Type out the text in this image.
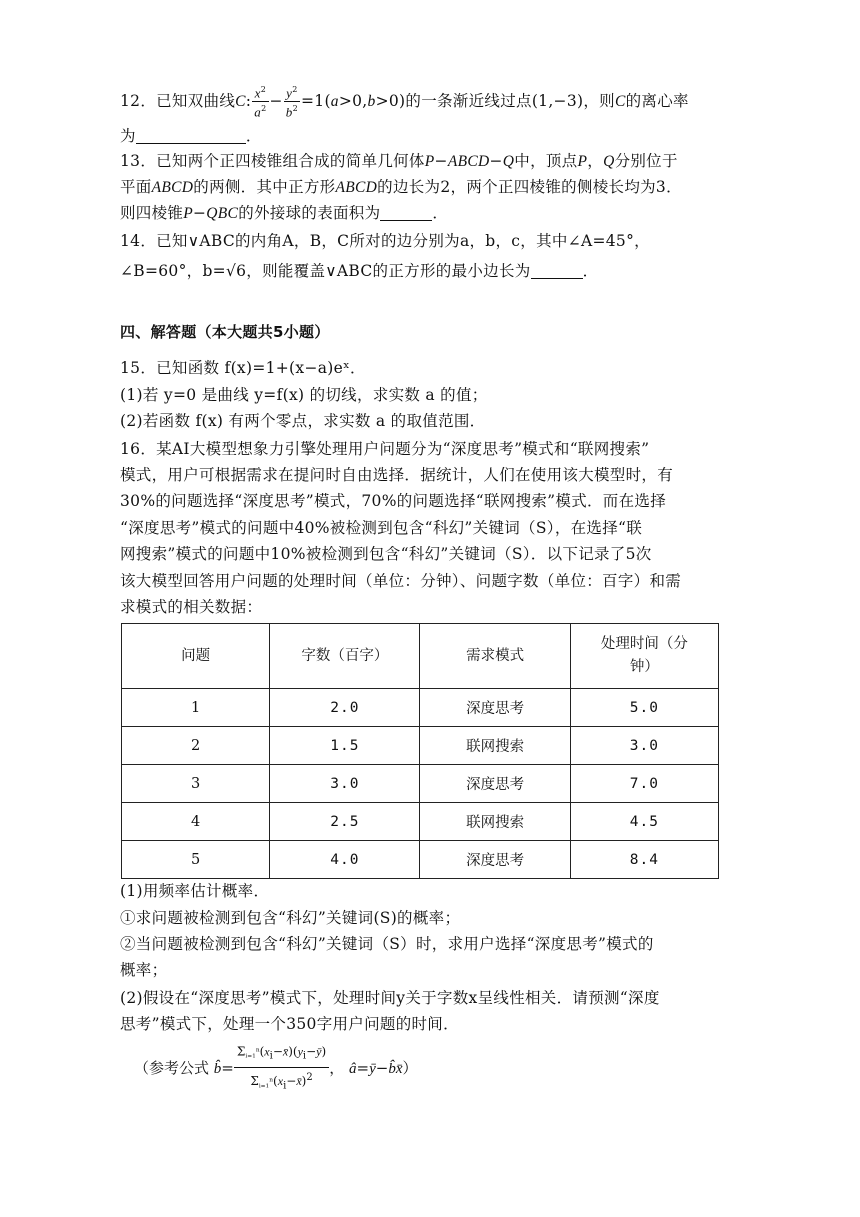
12．已知双曲线C: $\frac{x^2}{a^2} - \frac{y^2}{b^2} =1(a>0,b>0)$的一条渐近线过点(1,−3)，则C的离心率
为	．
13．已知两个正四棱锥组合成的简单几何体P−ABCD−Q中，顶点P，Q分别位于
平面ABCD的两侧．其中正方形ABCD的边长为2，两个正四棱锥的侧棱长均为3．
则四棱锥P−QBC的外接球的表面积为	．
14．已知∨ABC的内角A，B，C所对的边分别为a，b，c，其中∠A=45°，
∠B=60°，b=√6，则能覆盖∨ABC的正方形的最小边长为	．
四、解答题（本大题共5小题）
15．已知函数 f(x)=1+(x−a)eˣ．
(1)若 y=0 是曲线 y=f(x) 的切线，求实数 a 的值；
(2)若函数 f(x) 有两个零点，求实数 a 的取值范围．
16．某AI大模型想象力引擎处理用户问题分为“深度思考”模式和“联网搜索”
模式，用户可根据需求在提问时自由选择．据统计，人们在使用该大模型时，有
30%的问题选择“深度思考”模式，70%的问题选择“联网搜索”模式．而在选择
“深度思考”模式的问题中40%被检测到包含“科幻”关键词（S），在选择“联
网搜索”模式的问题中10%被检测到包含“科幻”关键词（S）．以下记录了5次
该大模型回答用户问题的处理时间（单位：分钟）、问题字数（单位：百字）和需
求模式的相关数据：
问题	字数（百字）	需求模式	处理时间（分
钟）
1	2.0	深度思考	5.0
2	1.5	联网搜索	3.0
3	3.0	深度思考	7.0
4	2.5	联网搜索	4.5
5	4.0	深度思考	8.4
(1)用频率估计概率．
①求问题被检测到包含“科幻”关键词(S)的概率；
②当问题被检测到包含“科幻”关键词（S）时，求用户选择“深度思考”模式的
概率；
(2)假设在“深度思考”模式下，处理时间y关于字数x呈线性相关．请预测“深度
思考”模式下，处理一个350字用户问题的时间．
（参考公式 b̂= $\frac{\Sigma_{i=1}^n(x_i-x̄)(y_i-ȳ)}{\Sigma_{i=1}^n(x_i-x̄)^2}$ ， â=ȳ−b̂x̄）
